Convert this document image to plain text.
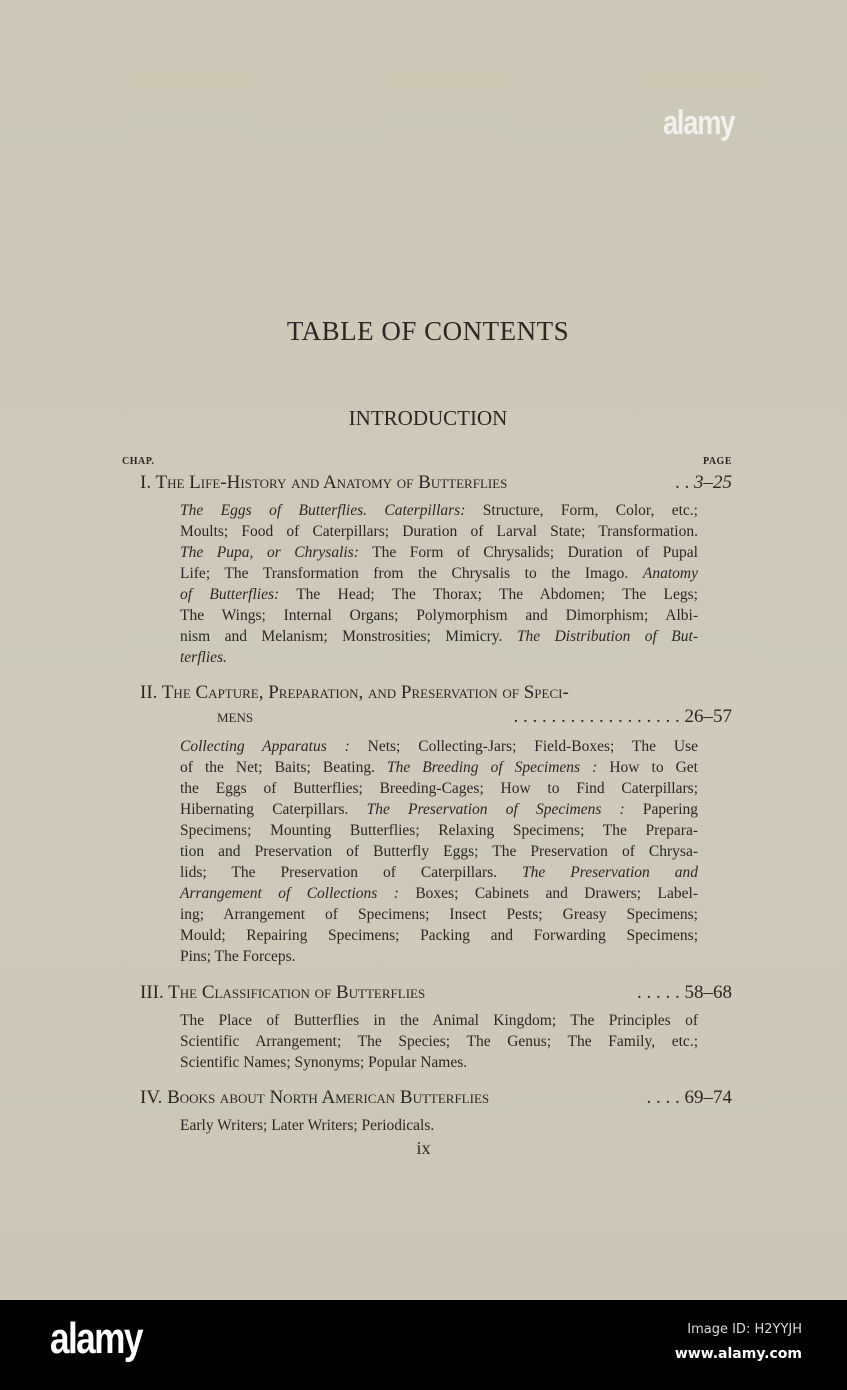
alamy
TABLE OF CONTENTS
INTRODUCTION
CHAP.	PAGE
I. The Life-History and Anatomy of Butterflies	. . 3–25
The Eggs of Butterflies. Caterpillars: Structure, Form, Color, etc.;
Moults; Food of Caterpillars; Duration of Larval State; Transformation.
The Pupa, or Chrysalis: The Form of Chrysalids; Duration of Pupal
Life; The Transformation from the Chrysalis to the Imago. Anatomy
of Butterflies: The Head; The Thorax; The Abdomen; The Legs;
The Wings; Internal Organs; Polymorphism and Dimorphism; Albi-
nism and Melanism; Monstrosities; Mimicry. The Distribution of But-
terflies.
II. The Capture, Preparation, and Preservation of Speci-
mens	. . . . . . . . . . . . . . . . . . 26–57
Collecting Apparatus : Nets; Collecting-Jars; Field-Boxes; The Use
of the Net; Baits; Beating. The Breeding of Specimens : How to Get
the Eggs of Butterflies; Breeding-Cages; How to Find Caterpillars;
Hibernating Caterpillars. The Preservation of Specimens : Papering
Specimens; Mounting Butterflies; Relaxing Specimens; The Prepara-
tion and Preservation of Butterfly Eggs; The Preservation of Chrysa-
lids; The Preservation of Caterpillars. The Preservation and
Arrangement of Collections : Boxes; Cabinets and Drawers; Label-
ing; Arrangement of Specimens; Insect Pests; Greasy Specimens;
Mould; Repairing Specimens; Packing and Forwarding Specimens;
Pins; The Forceps.
III. The Classification of Butterflies	. . . . . 58–68
The Place of Butterflies in the Animal Kingdom; The Principles of
Scientific Arrangement; The Species; The Genus; The Family, etc.;
Scientific Names; Synonyms; Popular Names.
IV. Books about North American Butterflies	. . . . 69–74
Early Writers; Later Writers; Periodicals.
ix
alamy	Image ID: H2YYJH
www.alamy.com
